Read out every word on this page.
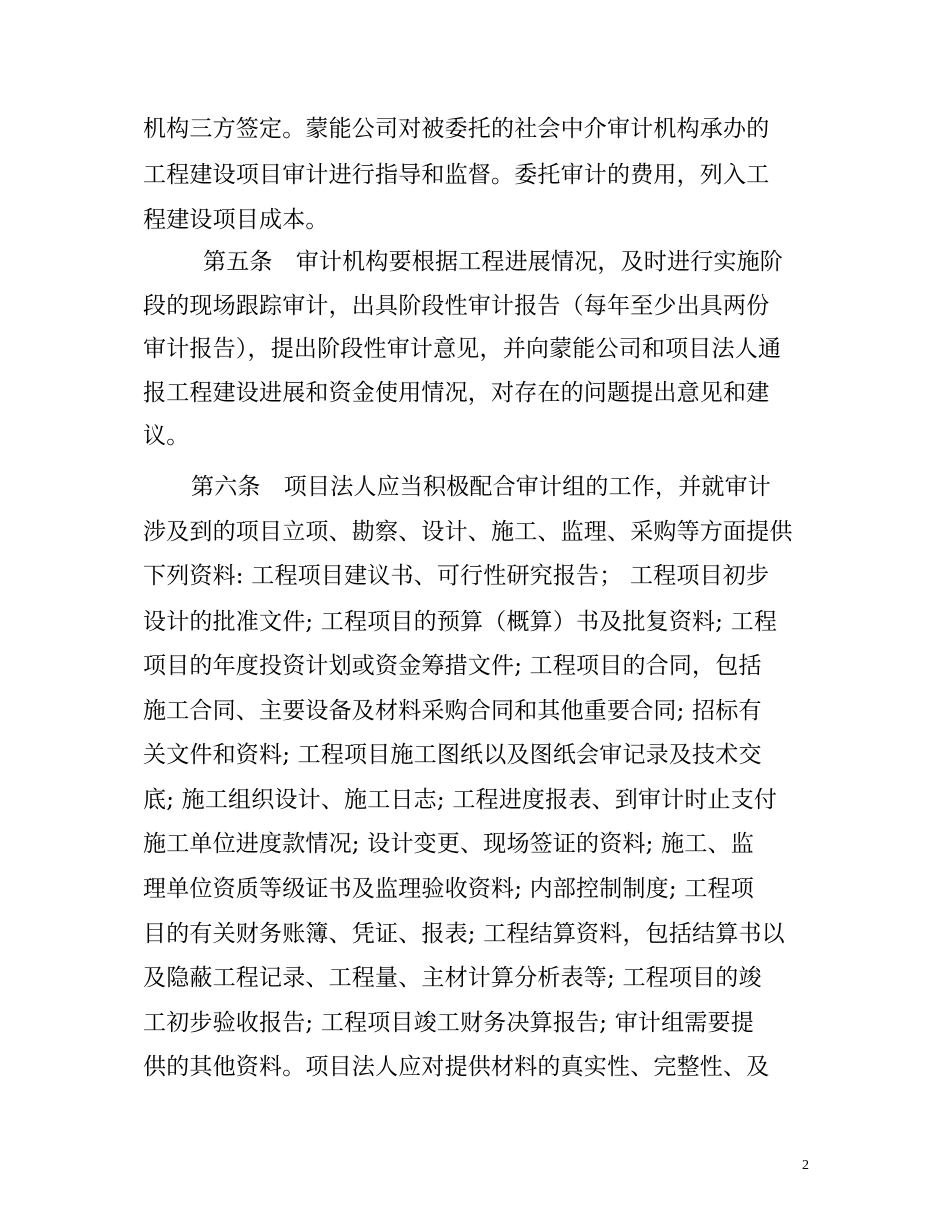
机构三方签定。蒙能公司对被委托的社会中介审计机构承办的
工程建设项目审计进行指导和监督。委托审计的费用，列入工
程建设项目成本。
第五条　审计机构要根据工程进展情况，及时进行实施阶
段的现场跟踪审计，出具阶段性审计报告（每年至少出具两份
审计报告），提出阶段性审计意见，并向蒙能公司和项目法人通
报工程建设进展和资金使用情况，对存在的问题提出意见和建
议。
第六条　项目法人应当积极配合审计组的工作，并就审计
涉及到的项目立项、勘察、设计、施工、监理、采购等方面提供
下列资料: 工程项目建议书、可行性研究报告； 工程项目初步
设计的批准文件; 工程项目的预算（概算）书及批复资料; 工程
项目的年度投资计划或资金筹措文件; 工程项目的合同，包括
施工合同、主要设备及材料采购合同和其他重要合同; 招标有
关文件和资料; 工程项目施工图纸以及图纸会审记录及技术交
底; 施工组织设计、施工日志; 工程进度报表、到审计时止支付
施工单位进度款情况; 设计变更、现场签证的资料; 施工、监
理单位资质等级证书及监理验收资料; 内部控制制度; 工程项
目的有关财务账簿、凭证、报表; 工程结算资料，包括结算书以
及隐蔽工程记录、工程量、主材计算分析表等; 工程项目的竣
工初步验收报告; 工程项目竣工财务决算报告; 审计组需要提
供的其他资料。项目法人应对提供材料的真实性、完整性、及
2
